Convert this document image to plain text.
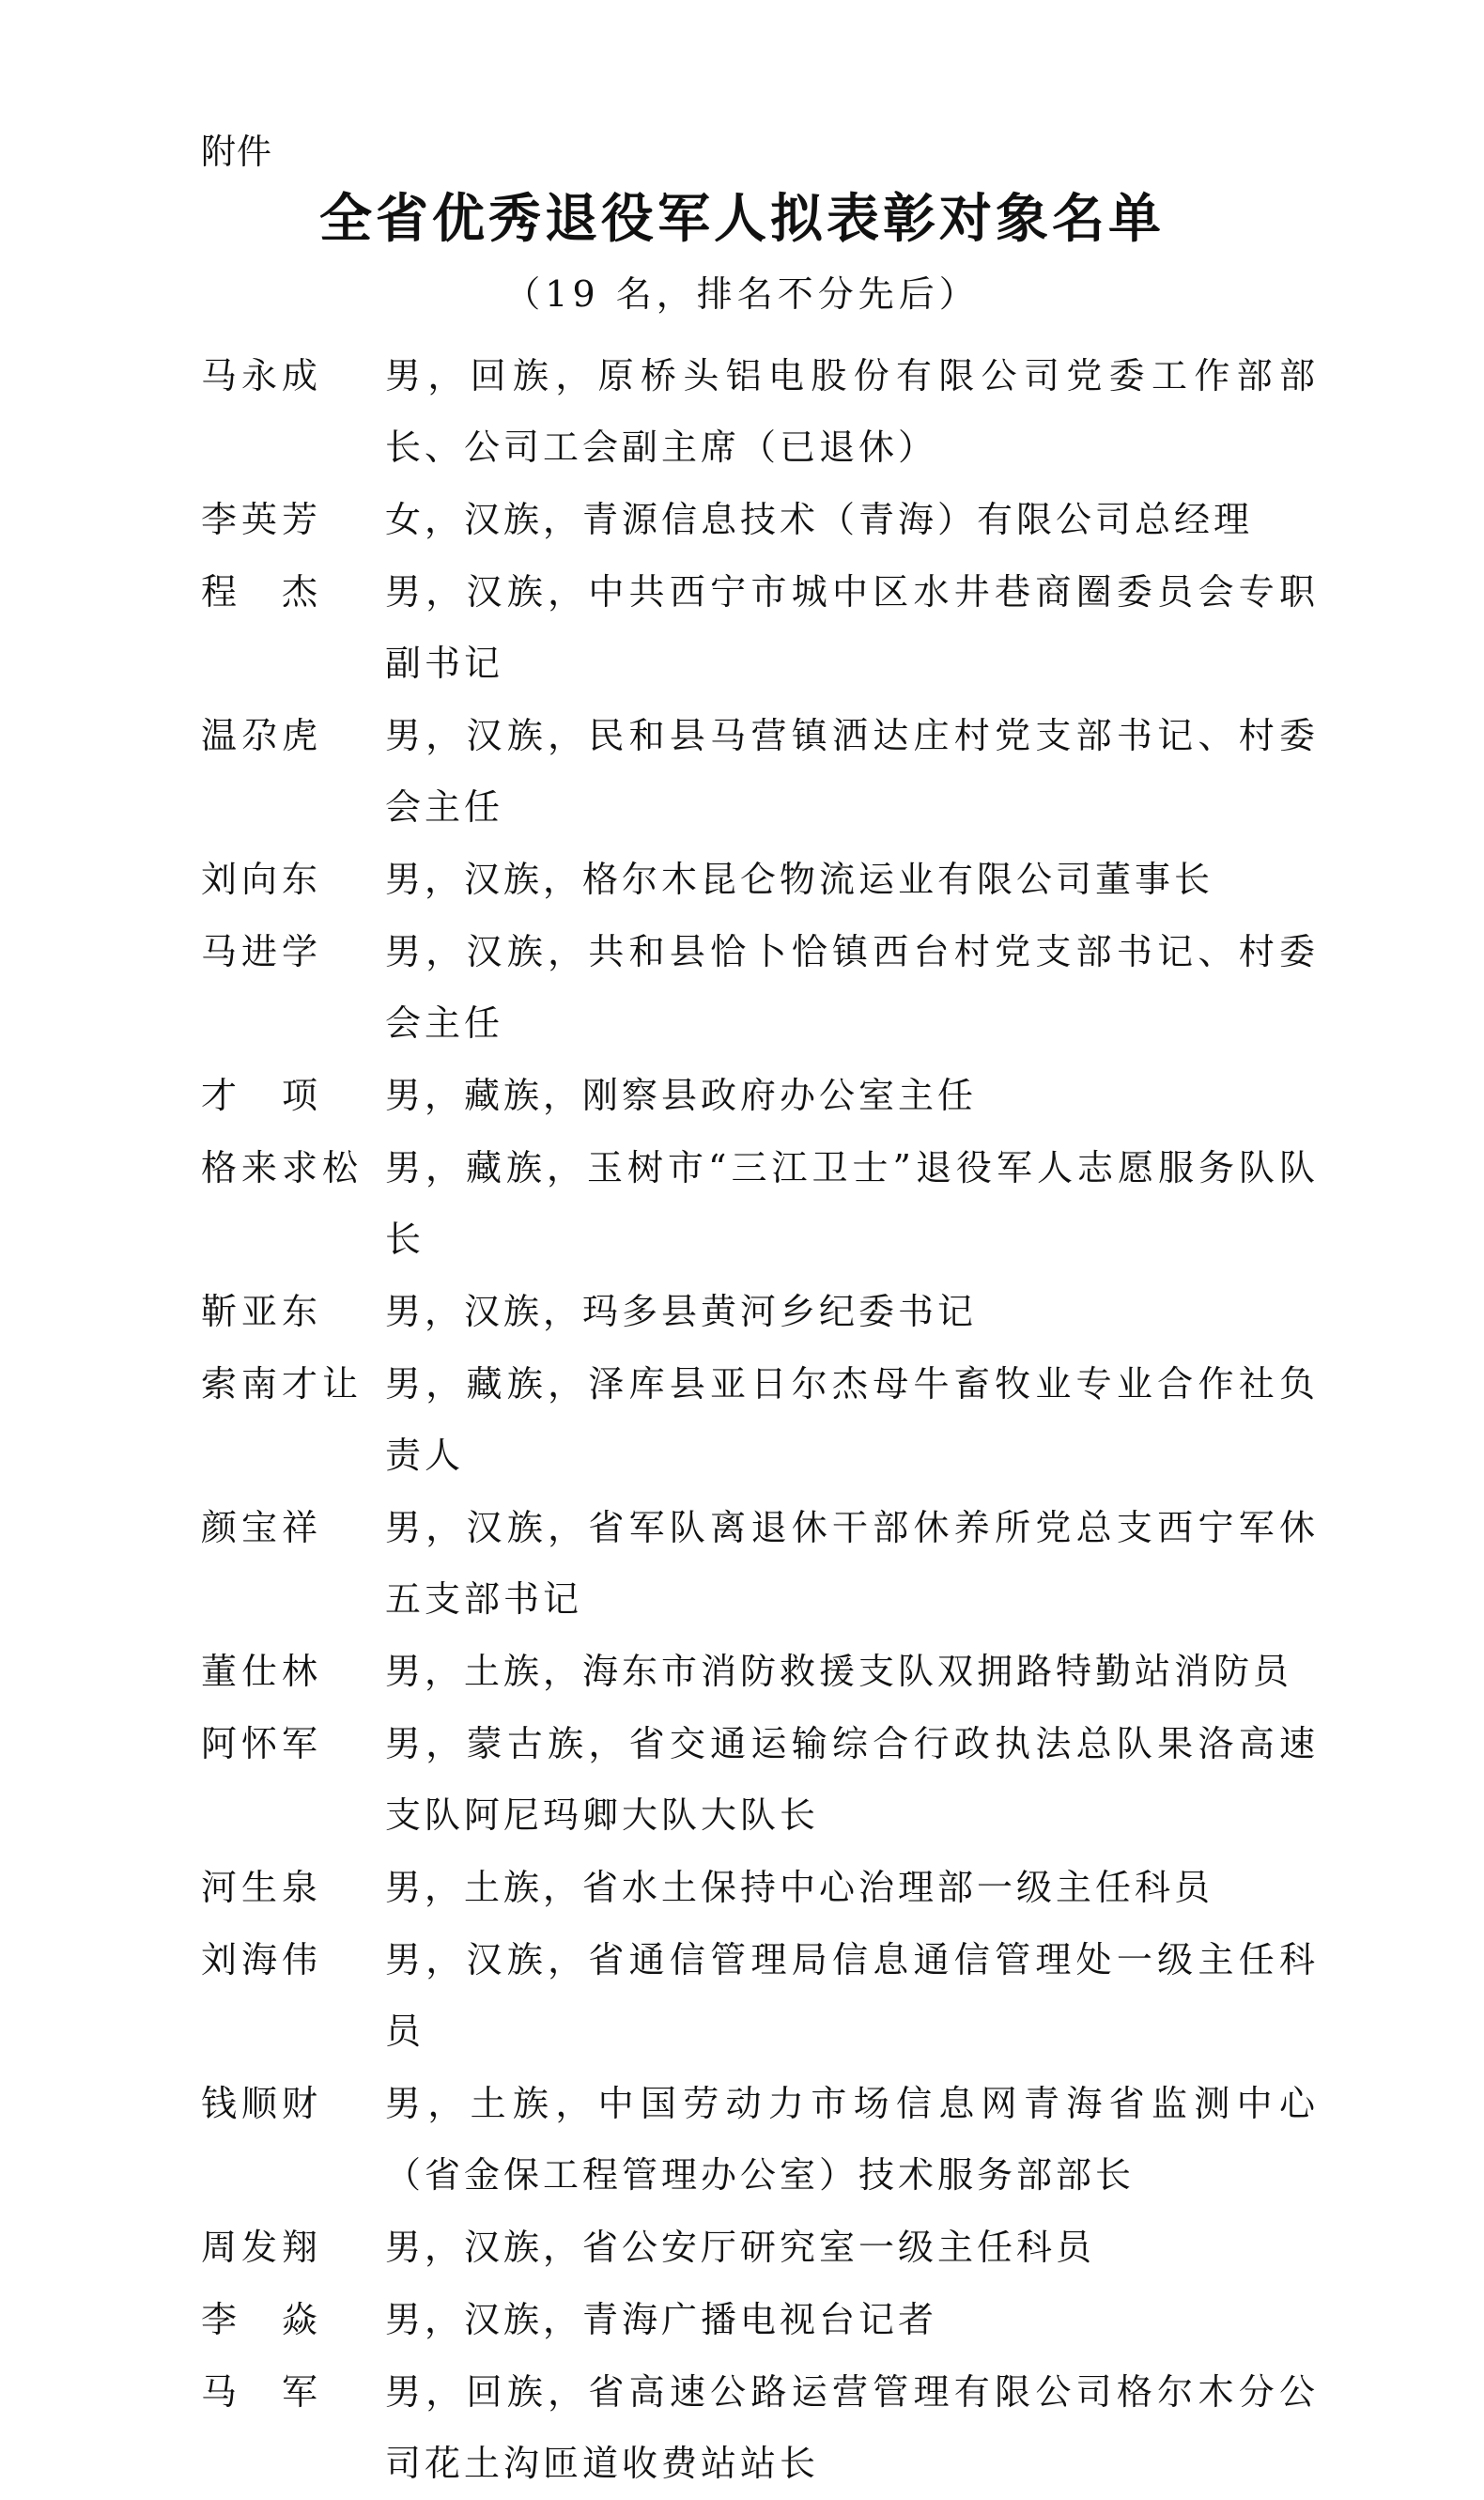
附件
全省优秀退役军人拟表彰对象名单
（19 名，排名不分先后）
马永成	男，回族，原桥头铝电股份有限公司党委工作部部长、公司工会副主席（已退休）
李英芳	女，汉族，青源信息技术（青海）有限公司总经理
程　杰	男，汉族，中共西宁市城中区水井巷商圈委员会专职副书记
温尕虎	男，汉族，民和县马营镇洒达庄村党支部书记、村委会主任
刘向东	男，汉族，格尔木昆仑物流运业有限公司董事长
马进学	男，汉族，共和县恰卜恰镇西台村党支部书记、村委会主任
才　项	男，藏族，刚察县政府办公室主任
格来求松 男，藏族，玉树市“三江卫士”退役军人志愿服务队队长
靳亚东	男，汉族，玛多县黄河乡纪委书记
索南才让 男，藏族，泽库县亚日尔杰母牛畜牧业专业合作社负责人
颜宝祥	男，汉族，省军队离退休干部休养所党总支西宁军休五支部书记
董仕林	男，土族，海东市消防救援支队双拥路特勤站消防员
阿怀军	男，蒙古族，省交通运输综合行政执法总队果洛高速支队阿尼玛卿大队大队长
河生泉	男，土族，省水土保持中心治理部一级主任科员
刘海伟	男，汉族，省通信管理局信息通信管理处一级主任科员
钱顺财	男，土族，中国劳动力市场信息网青海省监测中心（省金保工程管理办公室）技术服务部部长
周发翔	男，汉族，省公安厅研究室一级主任科员
李　焱	男，汉族，青海广播电视台记者
马　军	男，回族，省高速公路运营管理有限公司格尔木分公司花土沟匝道收费站站长
